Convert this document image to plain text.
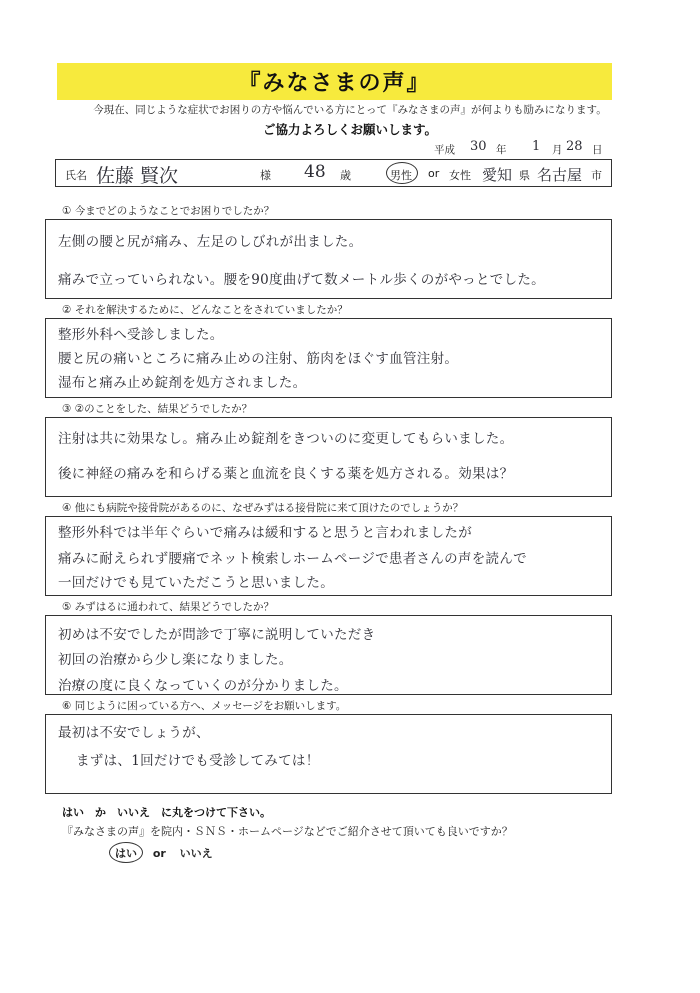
『みなさまの声』
今現在、同じような症状でお困りの方や悩んでいる方にとって『みなさまの声』が何よりも励みになります。
ご協力よろしくお願いします。
平成 30 年 1 月 28 日
氏名 佐藤 賢次	様 48 歳	男性 or 女性 愛知 県 名古屋 市
① 今までどのようなことでお困りでしたか？
左側の腰と尻が痛み、左足のしびれが出ました。
痛みで立っていられない。腰を90度曲げて数メートル歩くのがやっとでした。
② それを解決するために、どんなことをされていましたか？
整形外科へ受診しました。
腰と尻の痛いところに痛み止めの注射、筋肉をほぐす血管注射。
湿布と痛み止め錠剤を処方されました。
③ ②のことをした、結果どうでしたか？
注射は共に効果なし。痛み止め錠剤をきついのに変更してもらいました。
後に神経の痛みを和らげる薬と血流を良くする薬を処方される。効果は？
④ 他にも病院や接骨院があるのに、なぜみずはる接骨院に来て頂けたのでしょうか？
整形外科では半年ぐらいで痛みは緩和すると思うと言われましたが
痛みに耐えられず腰痛でネット検索しホームページで患者さんの声を読んで
一回だけでも見ていただこうと思いました。
⑤ みずはるに通われて、結果どうでしたか？
初めは不安でしたが問診で丁寧に説明していただき
初回の治療から少し楽になりました。
治療の度に良くなっていくのが分かりました。
⑥ 同じように困っている方へ、メッセージをお願いします。
最初は不安でしょうが、
まずは、1回だけでも受診してみては！
はい　か　いいえ　に丸をつけて下さい。
『みなさまの声』を院内・ＳＮＳ・ホームページなどでご紹介させて頂いても良いですか？
はい or いいえ
